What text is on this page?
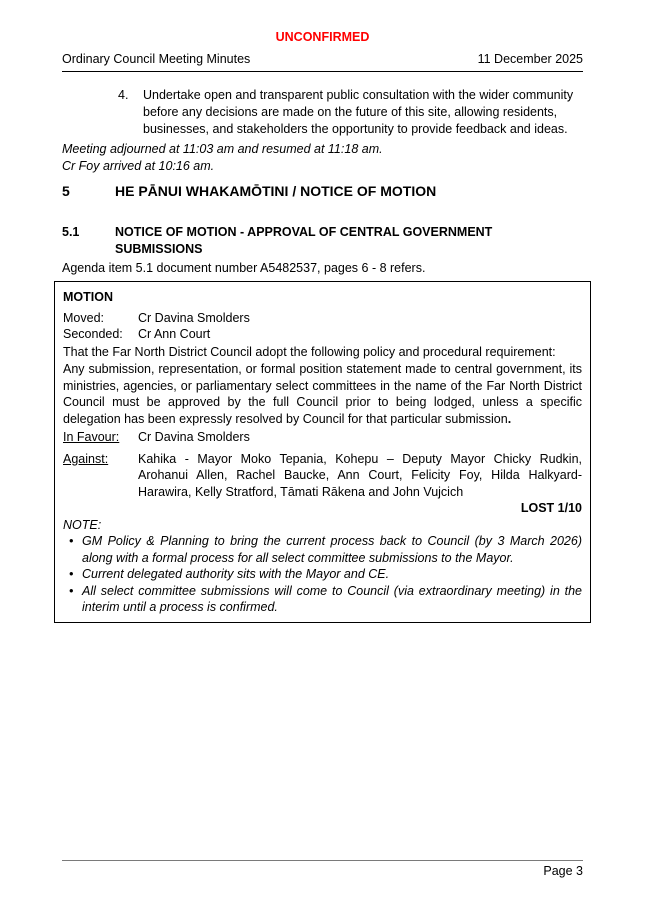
UNCONFIRMED
Ordinary Council Meeting Minutes	11 December 2025
4.	Undertake open and transparent public consultation with the wider community before any decisions are made on the future of this site, allowing residents, businesses, and stakeholders the opportunity to provide feedback and ideas.
Meeting adjourned at 11:03 am and resumed at 11:18 am.
Cr Foy arrived at 10:16 am.
5	HE PĀNUI WHAKAMŌTINI / NOTICE OF MOTION
5.1	NOTICE OF MOTION - APPROVAL OF CENTRAL GOVERNMENT SUBMISSIONS
Agenda item 5.1 document number A5482537, pages 6 - 8 refers.
MOTION
Moved:	Cr Davina Smolders
Seconded:	Cr Ann Court
That the Far North District Council adopt the following policy and procedural requirement:
Any submission, representation, or formal position statement made to central government, its ministries, agencies, or parliamentary select committees in the name of the Far North District Council must be approved by the full Council prior to being lodged, unless a specific delegation has been expressly resolved by Council for that particular submission.
In Favour:	Cr Davina Smolders
Against:	Kahika - Mayor Moko Tepania, Kohepu – Deputy Mayor Chicky Rudkin, Arohanui Allen, Rachel Baucke, Ann Court, Felicity Foy, Hilda Halkyard-Harawira, Kelly Stratford, Tāmati Rākena and John Vujcich
LOST 1/10
NOTE:
• GM Policy & Planning to bring the current process back to Council (by 3 March 2026) along with a formal process for all select committee submissions to the Mayor.
• Current delegated authority sits with the Mayor and CE.
• All select committee submissions will come to Council (via extraordinary meeting) in the interim until a process is confirmed.
Page 3
